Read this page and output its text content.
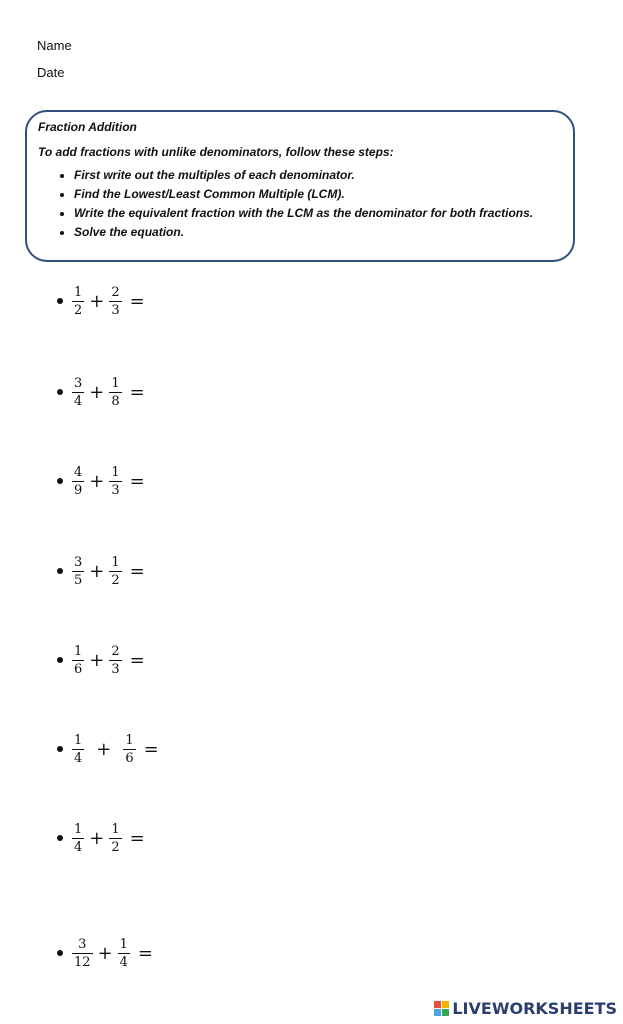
Name
Date
Fraction Addition
To add fractions with unlike denominators, follow these steps:
• First write out the multiples of each denominator.
• Find the Lowest/Least Common Multiple (LCM).
• Write the equivalent fraction with the LCM as the denominator for both fractions.
• Solve the equation.
$\frac{1}{2} + \frac{2}{3}$ =
$\frac{3}{4} + \frac{1}{8}$ =
$\frac{4}{9} + \frac{1}{3}$ =
$\frac{3}{5} + \frac{1}{2}$ =
$\frac{1}{6} + \frac{2}{3}$ =
$\frac{1}{4} + \frac{1}{6}$ =
$\frac{1}{4} + \frac{1}{2}$ =
$\frac{3}{12} + \frac{1}{4}$ =
LIVEWORKSHEETS
